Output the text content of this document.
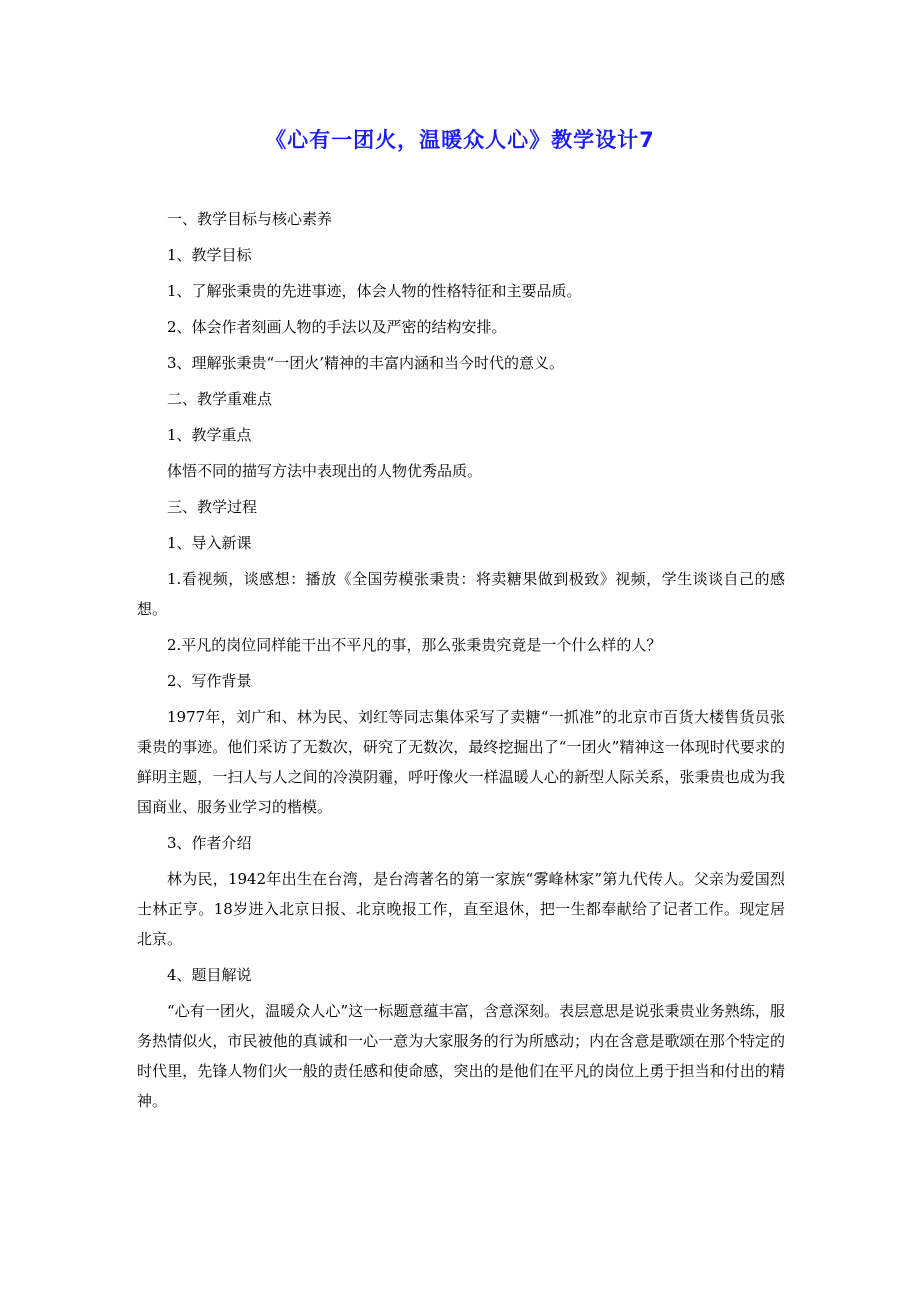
《心有一团火，温暖众人心》教学设计7

一、教学目标与核心素养

1、教学目标

1、了解张秉贵的先进事迹，体会人物的性格特征和主要品质。

2、体会作者刻画人物的手法以及严密的结构安排。

3、理解张秉贵“一团火’精神的丰富内涵和当今时代的意义。

二、教学重难点

1、教学重点

体悟不同的描写方法中表现出的人物优秀品质。

三、教学过程

1、导入新课

1.看视频，谈感想：播放《全国劳模张秉贵：将卖糖果做到极致》视频，学生谈谈自己的感想。

2.平凡的岗位同样能干出不平凡的事，那么张秉贵究竟是一个什么样的人？

2、写作背景

1977年，刘广和、林为民、刘红等同志集体采写了卖糖“一抓准”的北京市百货大楼售货员张秉贵的事迹。他们采访了无数次，研究了无数次，最终挖掘出了“一团火”精神这一体现时代要求的鲜明主题，一扫人与人之间的冷漠阴霾，呼吁像火一样温暖人心的新型人际关系，张秉贵也成为我国商业、服务业学习的楷模。

3、作者介绍

林为民，1942年出生在台湾，是台湾著名的第一家族“雾峰林家”第九代传人。父亲为爱国烈士林正亨。18岁进入北京日报、北京晚报工作，直至退休，把一生都奉献给了记者工作。现定居北京。

4、题目解说

“心有一团火，温暖众人心”这一标题意蕴丰富，含意深刻。表层意思是说张秉贵业务熟练，服务热情似火，市民被他的真诚和一心一意为大家服务的行为所感动；内在含意是歌颂在那个特定的时代里，先锋人物们火一般的责任感和使命感，突出的是他们在平凡的岗位上勇于担当和付出的精神。
